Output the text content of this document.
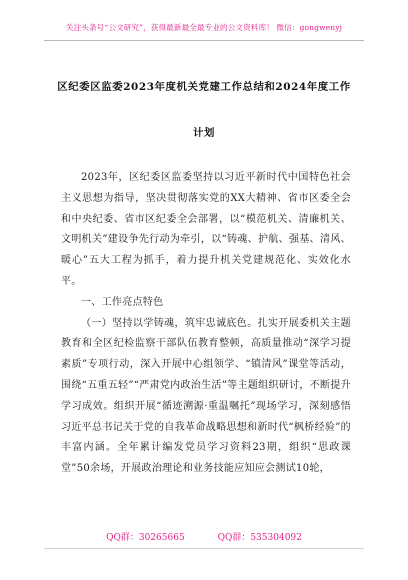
关注头条号“公文研究”，获得最新最全最专业的公文资料库！ 微信：gongwenyj
区纪委区监委2023年度机关党建工作总结和2024年度工作
计划

2023年，区纪委区监委坚持以习近平新时代中国特色社会主义思想为指导，坚决贯彻落实党的XX大精神、省市区委全会和中央纪委、省市区纪委全会部署，以“模范机关、清廉机关、文明机关”建设争先行动为牵引，以“铸魂、护航、强基、清风、暖心”五大工程为抓手，着力提升机关党建规范化、实效化水平。

一、工作亮点特色

（一）坚持以学铸魂，筑牢忠诚底色。扎实开展委机关主题教育和全区纪检监察干部队伍教育整顿，高质量推动“深学习提素质”专项行动，深入开展中心组领学、“镇清风”课堂等活动，围绕“五重五轻”“严肃党内政治生活”等主题组织研讨，不断提升学习成效。组织开展“循迹溯源·重温嘱托”现场学习，深刻感悟习近平总书记关于党的自我革命战略思想和新时代“枫桥经验”的丰富内涵。全年累计编发党员学习资料23期，组织“思政课堂”50余场，开展政治理论和业务技能应知应会测试10轮，

QQ群：30265665	QQ群：535304092
